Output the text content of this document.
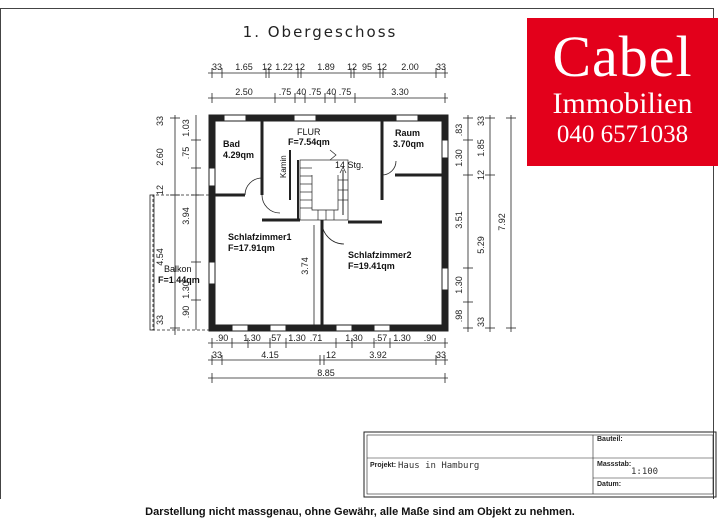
1. Obergeschoss
33 1.65 12 1.22 12 1.89 12 95 12 2.00 33
2.50	.75 .40 .75 .40 .75	3.30
Bad
4.29qm
FLUR
F=7.54qm
Raum
3.70qm
Kamin	14 Stg.
Schlafzimmer1
F=17.91qm
Schlafzimmer2
F=19.41qm
Balkon
F=1.44qm
33
2.60
12
1.03
.75
3.94
4.54
1.30
.90
33
3.74
.83
1.30
3.51
1.30
.98
33
1.85
12
5.29
33
7.92
.90 1.30 .57 1.30 .71	1.30 .57 1.30 .90
33	4.15	12	3.92	33
8.85
Bauteil:
Projekt: Haus in Hamburg	Massstab:
1:100
Datum:
Cabel
Immobilien
040 6571038
Darstellung nicht massgenau, ohne Gewähr, alle Maße sind am Objekt zu nehmen.
